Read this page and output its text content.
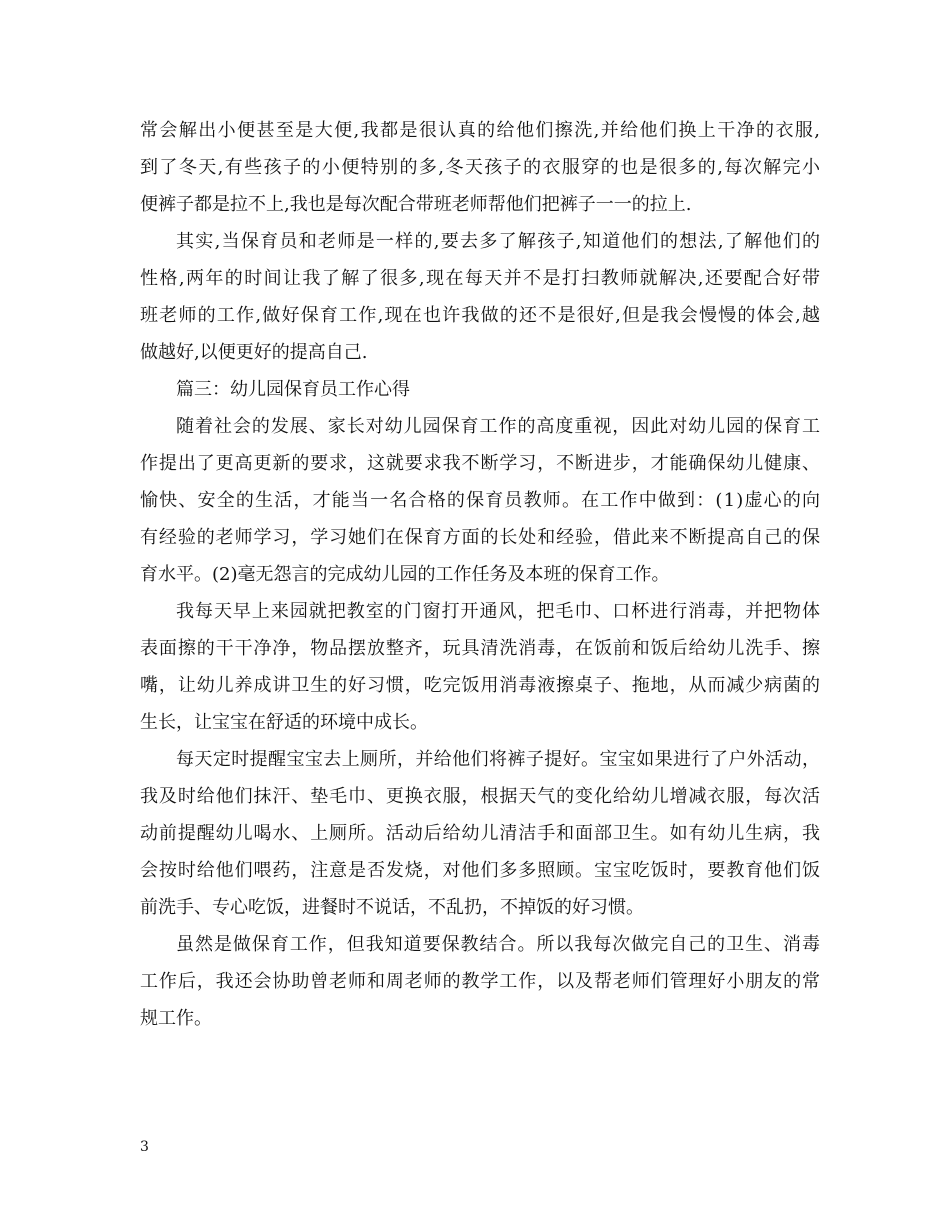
常会解出小便甚至是大便,我都是很认真的给他们擦洗,并给他们换上干净的衣服,
到了冬天,有些孩子的小便特别的多,冬天孩子的衣服穿的也是很多的,每次解完小
便裤子都是拉不上,我也是每次配合带班老师帮他们把裤子一一的拉上.
其实,当保育员和老师是一样的,要去多了解孩子,知道他们的想法,了解他们的
性格,两年的时间让我了解了很多,现在每天并不是打扫教师就解决,还要配合好带
班老师的工作,做好保育工作,现在也许我做的还不是很好,但是我会慢慢的体会,越
做越好,以便更好的提高自己.
篇三：幼儿园保育员工作心得
随着社会的发展、家长对幼儿园保育工作的高度重视，因此对幼儿园的保育工
作提出了更高更新的要求，这就要求我不断学习，不断进步，才能确保幼儿健康、
愉快、安全的生活，才能当一名合格的保育员教师。在工作中做到：(1)虚心的向
有经验的老师学习，学习她们在保育方面的长处和经验，借此来不断提高自己的保
育水平。(2)毫无怨言的完成幼儿园的工作任务及本班的保育工作。
我每天早上来园就把教室的门窗打开通风，把毛巾、口杯进行消毒，并把物体
表面擦的干干净净，物品摆放整齐，玩具清洗消毒，在饭前和饭后给幼儿洗手、擦
嘴，让幼儿养成讲卫生的好习惯，吃完饭用消毒液擦桌子、拖地，从而减少病菌的
生长，让宝宝在舒适的环境中成长。
每天定时提醒宝宝去上厕所，并给他们将裤子提好。宝宝如果进行了户外活动，
我及时给他们抹汗、垫毛巾、更换衣服，根据天气的变化给幼儿增减衣服，每次活
动前提醒幼儿喝水、上厕所。活动后给幼儿清洁手和面部卫生。如有幼儿生病，我
会按时给他们喂药，注意是否发烧，对他们多多照顾。宝宝吃饭时，要教育他们饭
前洗手、专心吃饭，进餐时不说话，不乱扔，不掉饭的好习惯。
虽然是做保育工作，但我知道要保教结合。所以我每次做完自己的卫生、消毒
工作后，我还会协助曾老师和周老师的教学工作，以及帮老师们管理好小朋友的常
规工作。
3
